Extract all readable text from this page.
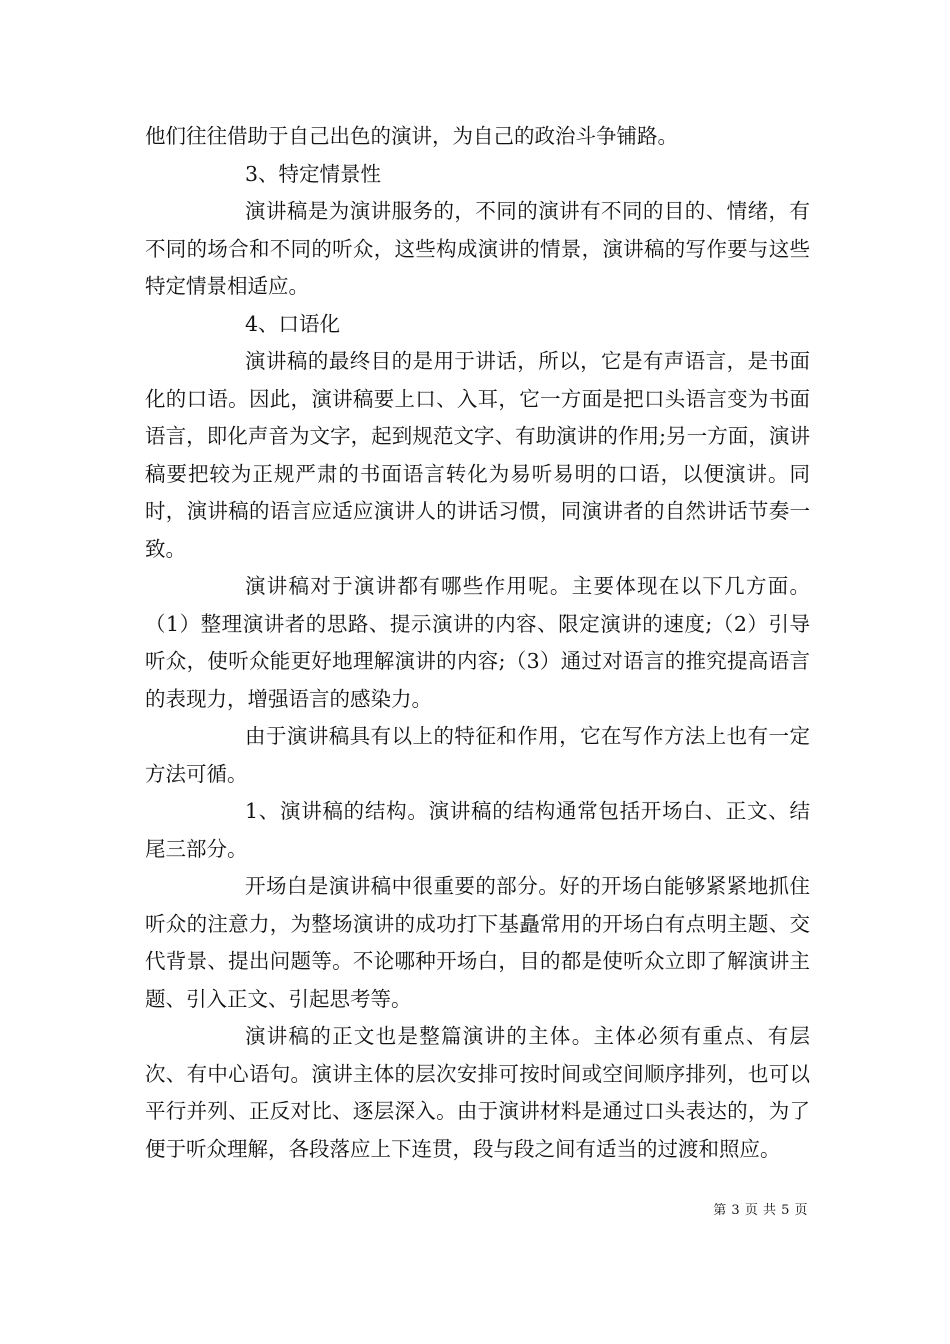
他们往往借助于自己出色的演讲，为自己的政治斗争铺路。

3、特定情景性

演讲稿是为演讲服务的，不同的演讲有不同的目的、情绪，有不同的场合和不同的听众，这些构成演讲的情景，演讲稿的写作要与这些特定情景相适应。

4、口语化

演讲稿的最终目的是用于讲话，所以，它是有声语言，是书面化的口语。因此，演讲稿要上口、入耳，它一方面是把口头语言变为书面语言，即化声音为文字，起到规范文字、有助演讲的作用;另一方面，演讲稿要把较为正规严肃的书面语言转化为易听易明的口语，以便演讲。同时，演讲稿的语言应适应演讲人的讲话习惯，同演讲者的自然讲话节奏一致。

演讲稿对于演讲都有哪些作用呢。主要体现在以下几方面。（1）整理演讲者的思路、提示演讲的内容、限定演讲的速度;（2）引导听众，使听众能更好地理解演讲的内容;（3）通过对语言的推究提高语言的表现力，增强语言的感染力。

由于演讲稿具有以上的特征和作用，它在写作方法上也有一定方法可循。

1、演讲稿的结构。演讲稿的结构通常包括开场白、正文、结尾三部分。

开场白是演讲稿中很重要的部分。好的开场白能够紧紧地抓住听众的注意力，为整场演讲的成功打下基矗常用的开场白有点明主题、交代背景、提出问题等。不论哪种开场白，目的都是使听众立即了解演讲主题、引入正文、引起思考等。

演讲稿的正文也是整篇演讲的主体。主体必须有重点、有层次、有中心语句。演讲主体的层次安排可按时间或空间顺序排列，也可以平行并列、正反对比、逐层深入。由于演讲材料是通过口头表达的，为了便于听众理解，各段落应上下连贯，段与段之间有适当的过渡和照应。

第 3 页 共 5 页
